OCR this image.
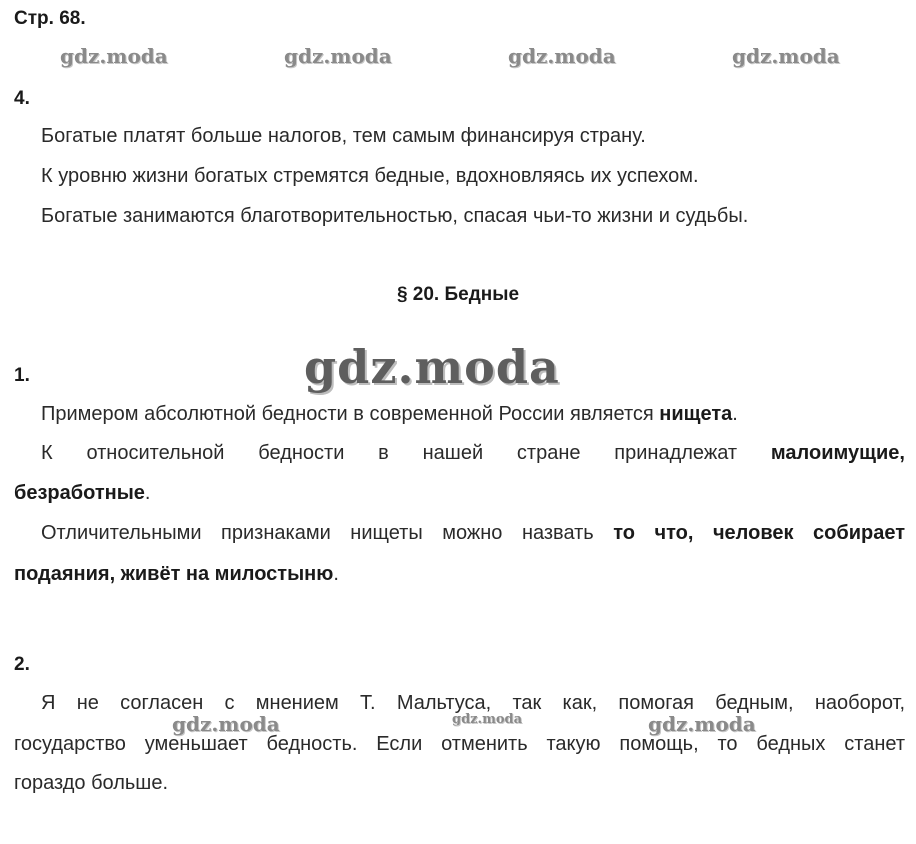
Стр. 68.
gdz.moda	gdz.moda	gdz.moda	gdz.moda
4.
Богатые платят больше налогов, тем самым финансируя страну.
К уровню жизни богатых стремятся бедные, вдохновляясь их успехом.
Богатые занимаются благотворительностью, спасая чьи-то жизни и судьбы.
§ 20. Бедные
gdz.moda
1.
Примером абсолютной бедности в современной России является нищета.
К относительной бедности в нашей стране принадлежат малоимущие,
безработные.
Отличительными признаками нищеты можно назвать то что, человек собирает
подаяния, живёт на милостыню.
2.
Я не согласен с мнением Т. Мальтуса, так как, помогая бедным, наоборот,
gdz.moda	gdz.moda	gdz.moda
государство уменьшает бедность. Если отменить такую помощь, то бедных станет
гораздо больше.
